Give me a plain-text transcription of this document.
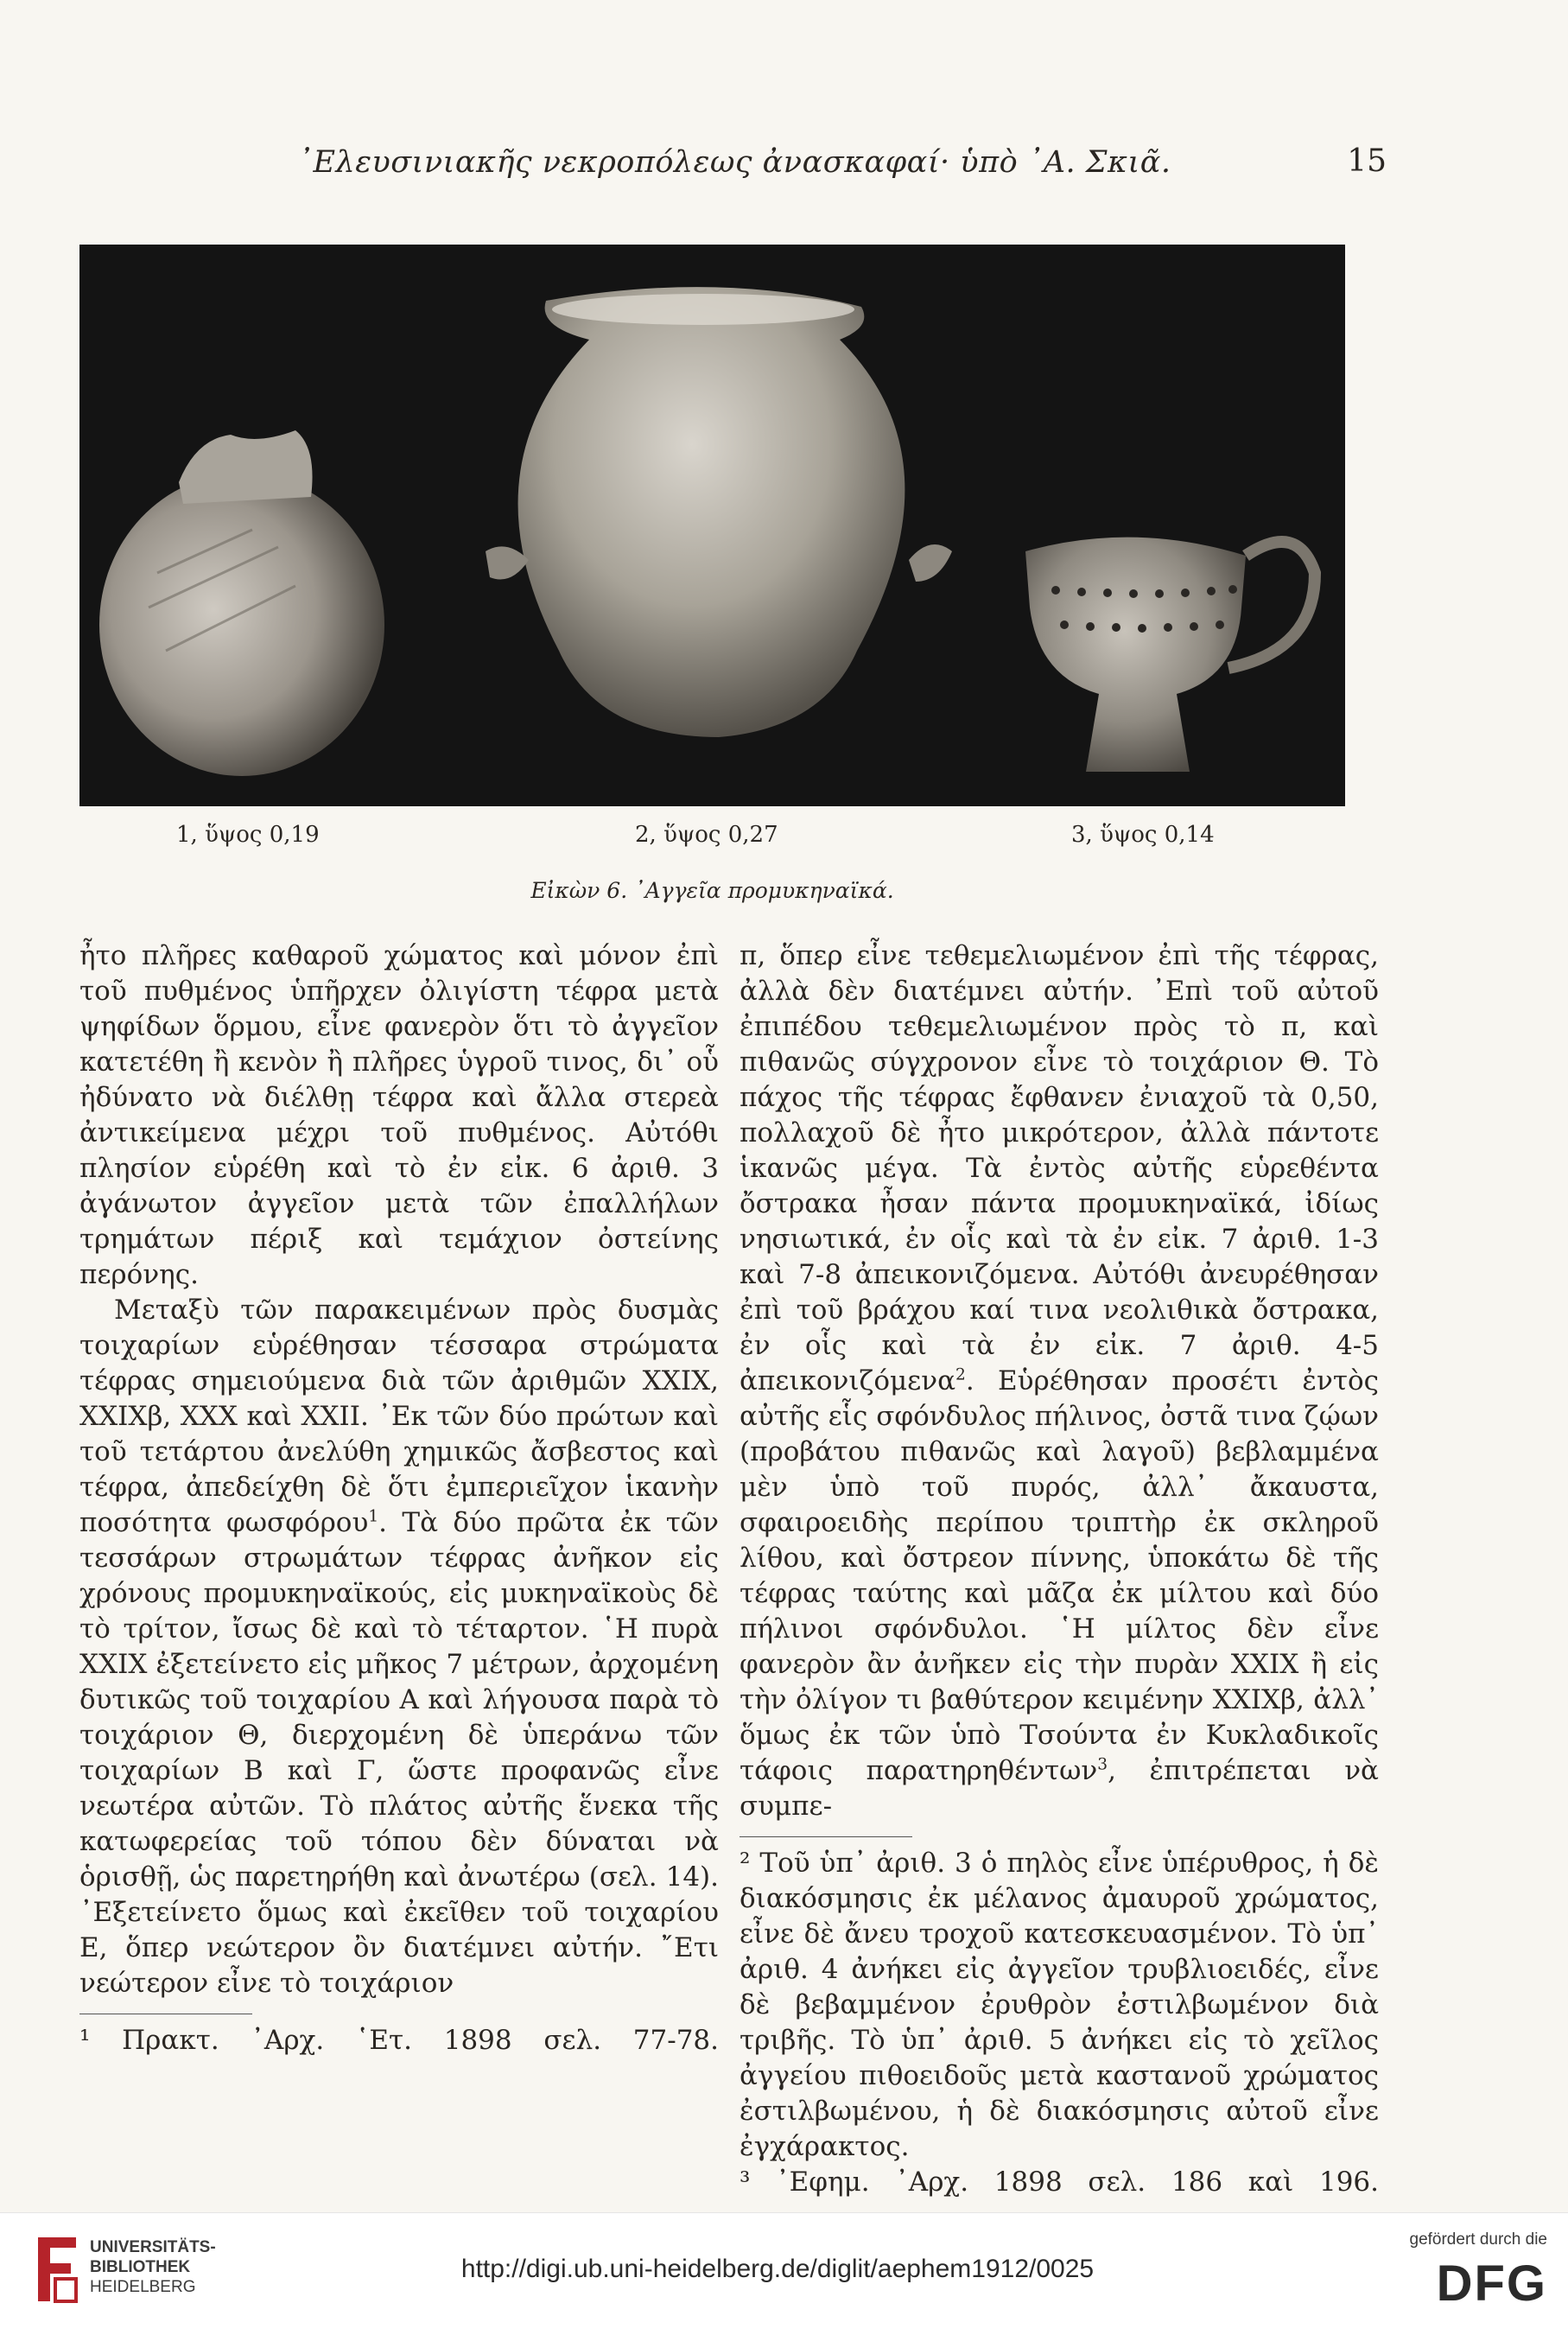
᾿Ελευσινιακῆς νεκροπόλεως ἀνασκαφαί· ὑπὸ ᾿Α. Σκιᾶ.	15
1, ὕψος 0,19	2, ὕψος 0,27	3, ὕψος 0,14
Εἰκὼν 6. ᾿Αγγεῖα προμυκηναϊκά.

ἦτο πλῆρες καθαροῦ χώματος καὶ μόνον ἐπὶ τοῦ πυθμένος ὑπῆρχεν ὀλιγίστη τέφρα μετὰ ψηφίδων ὅρμου, εἶνε φανερὸν ὅτι τὸ ἀγγεῖον κατετέθη ἢ κενὸν ἢ πλῆρες ὑγροῦ τινος, δι᾿ οὗ ἠδύνατο νὰ διέλθῃ τέφρα καὶ ἄλλα στερεὰ ἀντικείμενα μέχρι τοῦ πυθμένος. Αὐτόθι πλησίον εὑρέθη καὶ τὸ ἐν εἰκ. 6 ἀριθ. 3 ἀγάνωτον ἀγγεῖον μετὰ τῶν ἐπαλλήλων τρημάτων πέριξ καὶ τεμάχιον ὀστείνης περόνης.

Μεταξὺ τῶν παρακειμένων πρὸς δυσμὰς τοιχαρίων εὑρέθησαν τέσσαρα στρώματα τέφρας σημειούμενα διὰ τῶν ἀριθμῶν XXIX, XXIXβ, XXX καὶ XXII. ᾿Εκ τῶν δύο πρώτων καὶ τοῦ τετάρτου ἀνελύθη χημικῶς ἄσβεστος καὶ τέφρα, ἀπεδείχθη δὲ ὅτι ἐμπεριεῖχον ἱκανὴν ποσότητα φωσφόρου$^1$. Τὰ δύο πρῶτα ἐκ τῶν τεσσάρων στρωμάτων τέφρας ἀνῆκον εἰς χρόνους προμυκηναϊκούς, εἰς μυκηναϊκοὺς δὲ τὸ τρίτον, ἴσως δὲ καὶ τὸ τέταρτον. ῾Η πυρὰ XXIX ἐξετείνετο εἰς μῆκος 7 μέτρων, ἀρχομένη δυτικῶς τοῦ τοιχαρίου Α καὶ λήγουσα παρὰ τὸ τοιχάριον Θ, διερχομένη δὲ ὑπεράνω τῶν τοιχαρίων Β καὶ Γ, ὥστε προφανῶς εἶνε νεωτέρα αὐτῶν. Τὸ πλάτος αὐτῆς ἕνεκα τῆς κατωφερείας τοῦ τόπου δὲν δύναται νὰ ὁρισθῇ, ὡς παρετηρήθη καὶ ἀνωτέρω (σελ. 14). ᾿Εξετείνετο ὅμως καὶ ἐκεῖθεν τοῦ τοιχαρίου Ε, ὅπερ νεώτερον ὂν διατέμνει αὐτήν. ῎Ετι νεώτερον εἶνε τὸ τοιχάριον

¹ Πρακτ. ᾿Αρχ. ῾Ετ. 1898 σελ. 77-78.

π, ὅπερ εἶνε τεθεμελιωμένον ἐπὶ τῆς τέφρας, ἀλλὰ δὲν διατέμνει αὐτήν. ᾿Επὶ τοῦ αὐτοῦ ἐπιπέδου τεθεμελιωμένον πρὸς τὸ π, καὶ πιθανῶς σύγχρονον εἶνε τὸ τοιχάριον Θ. Τὸ πάχος τῆς τέφρας ἔφθανεν ἐνιαχοῦ τὰ 0,50, πολλαχοῦ δὲ ἦτο μικρότερον, ἀλλὰ πάντοτε ἱκανῶς μέγα. Τὰ ἐντὸς αὐτῆς εὑρεθέντα ὄστρακα ἦσαν πάντα προμυκηναϊκά, ἰδίως νησιωτικά, ἐν οἷς καὶ τὰ ἐν εἰκ. 7 ἀριθ. 1-3 καὶ 7-8 ἀπεικονιζόμενα. Αὐτόθι ἀνευρέθησαν ἐπὶ τοῦ βράχου καί τινα νεολιθικὰ ὄστρακα, ἐν οἷς καὶ τὰ ἐν εἰκ. 7 ἀριθ. 4-5 ἀπεικονιζόμενα$^2$. Εὑρέθησαν προσέτι ἐντὸς αὐτῆς εἷς σφόνδυλος πήλινος, ὀστᾶ τινα ζῴων (προβάτου πιθανῶς καὶ λαγοῦ) βεβλαμμένα μὲν ὑπὸ τοῦ πυρός, ἀλλ᾿ ἄκαυστα, σφαιροειδὴς περίπου τριπτὴρ ἐκ σκληροῦ λίθου, καὶ ὄστρεον πίννης, ὑποκάτω δὲ τῆς τέφρας ταύτης καὶ μᾶζα ἐκ μίλτου καὶ δύο πήλινοι σφόνδυλοι. ῾Η μίλτος δὲν εἶνε φανερὸν ἂν ἀνῆκεν εἰς τὴν πυρὰν XXIX ἢ εἰς τὴν ὀλίγον τι βαθύτερον κειμένην XXIXβ, ἀλλ᾿ ὅμως ἐκ τῶν ὑπὸ Τσούντα ἐν Κυκλαδικοῖς τάφοις παρατηρηθέντων$^3$, ἐπιτρέπεται νὰ συμπε-

² Τοῦ ὑπ᾿ ἀριθ. 3 ὁ πηλὸς εἶνε ὑπέρυθρος, ἡ δὲ διακόσμησις ἐκ μέλανος ἀμαυροῦ χρώματος, εἶνε δὲ ἄνευ τροχοῦ κατεσκευασμένον. Τὸ ὑπ᾿ ἀριθ. 4 ἀνήκει εἰς ἀγγεῖον τρυβλιοειδές, εἶνε δὲ βεβαμμένον ἐρυθρὸν ἐστιλβωμένον διὰ τριβῆς. Τὸ ὑπ᾿ ἀριθ. 5 ἀνήκει εἰς τὸ χεῖλος ἀγγείου πιθοειδοῦς μετὰ καστανοῦ χρώματος ἐστιλβωμένου, ἡ δὲ διακόσμησις αὐτοῦ εἶνε ἐγχάρακτος.

³ ᾿Εφημ. ᾿Αρχ. 1898 σελ. 186 καὶ 196.

UNIVERSITÄTS-
BIBLIOTHEK
HEIDELBERG
http://digi.ub.uni-heidelberg.de/diglit/aephem1912/0025
gefördert durch die
DFG
